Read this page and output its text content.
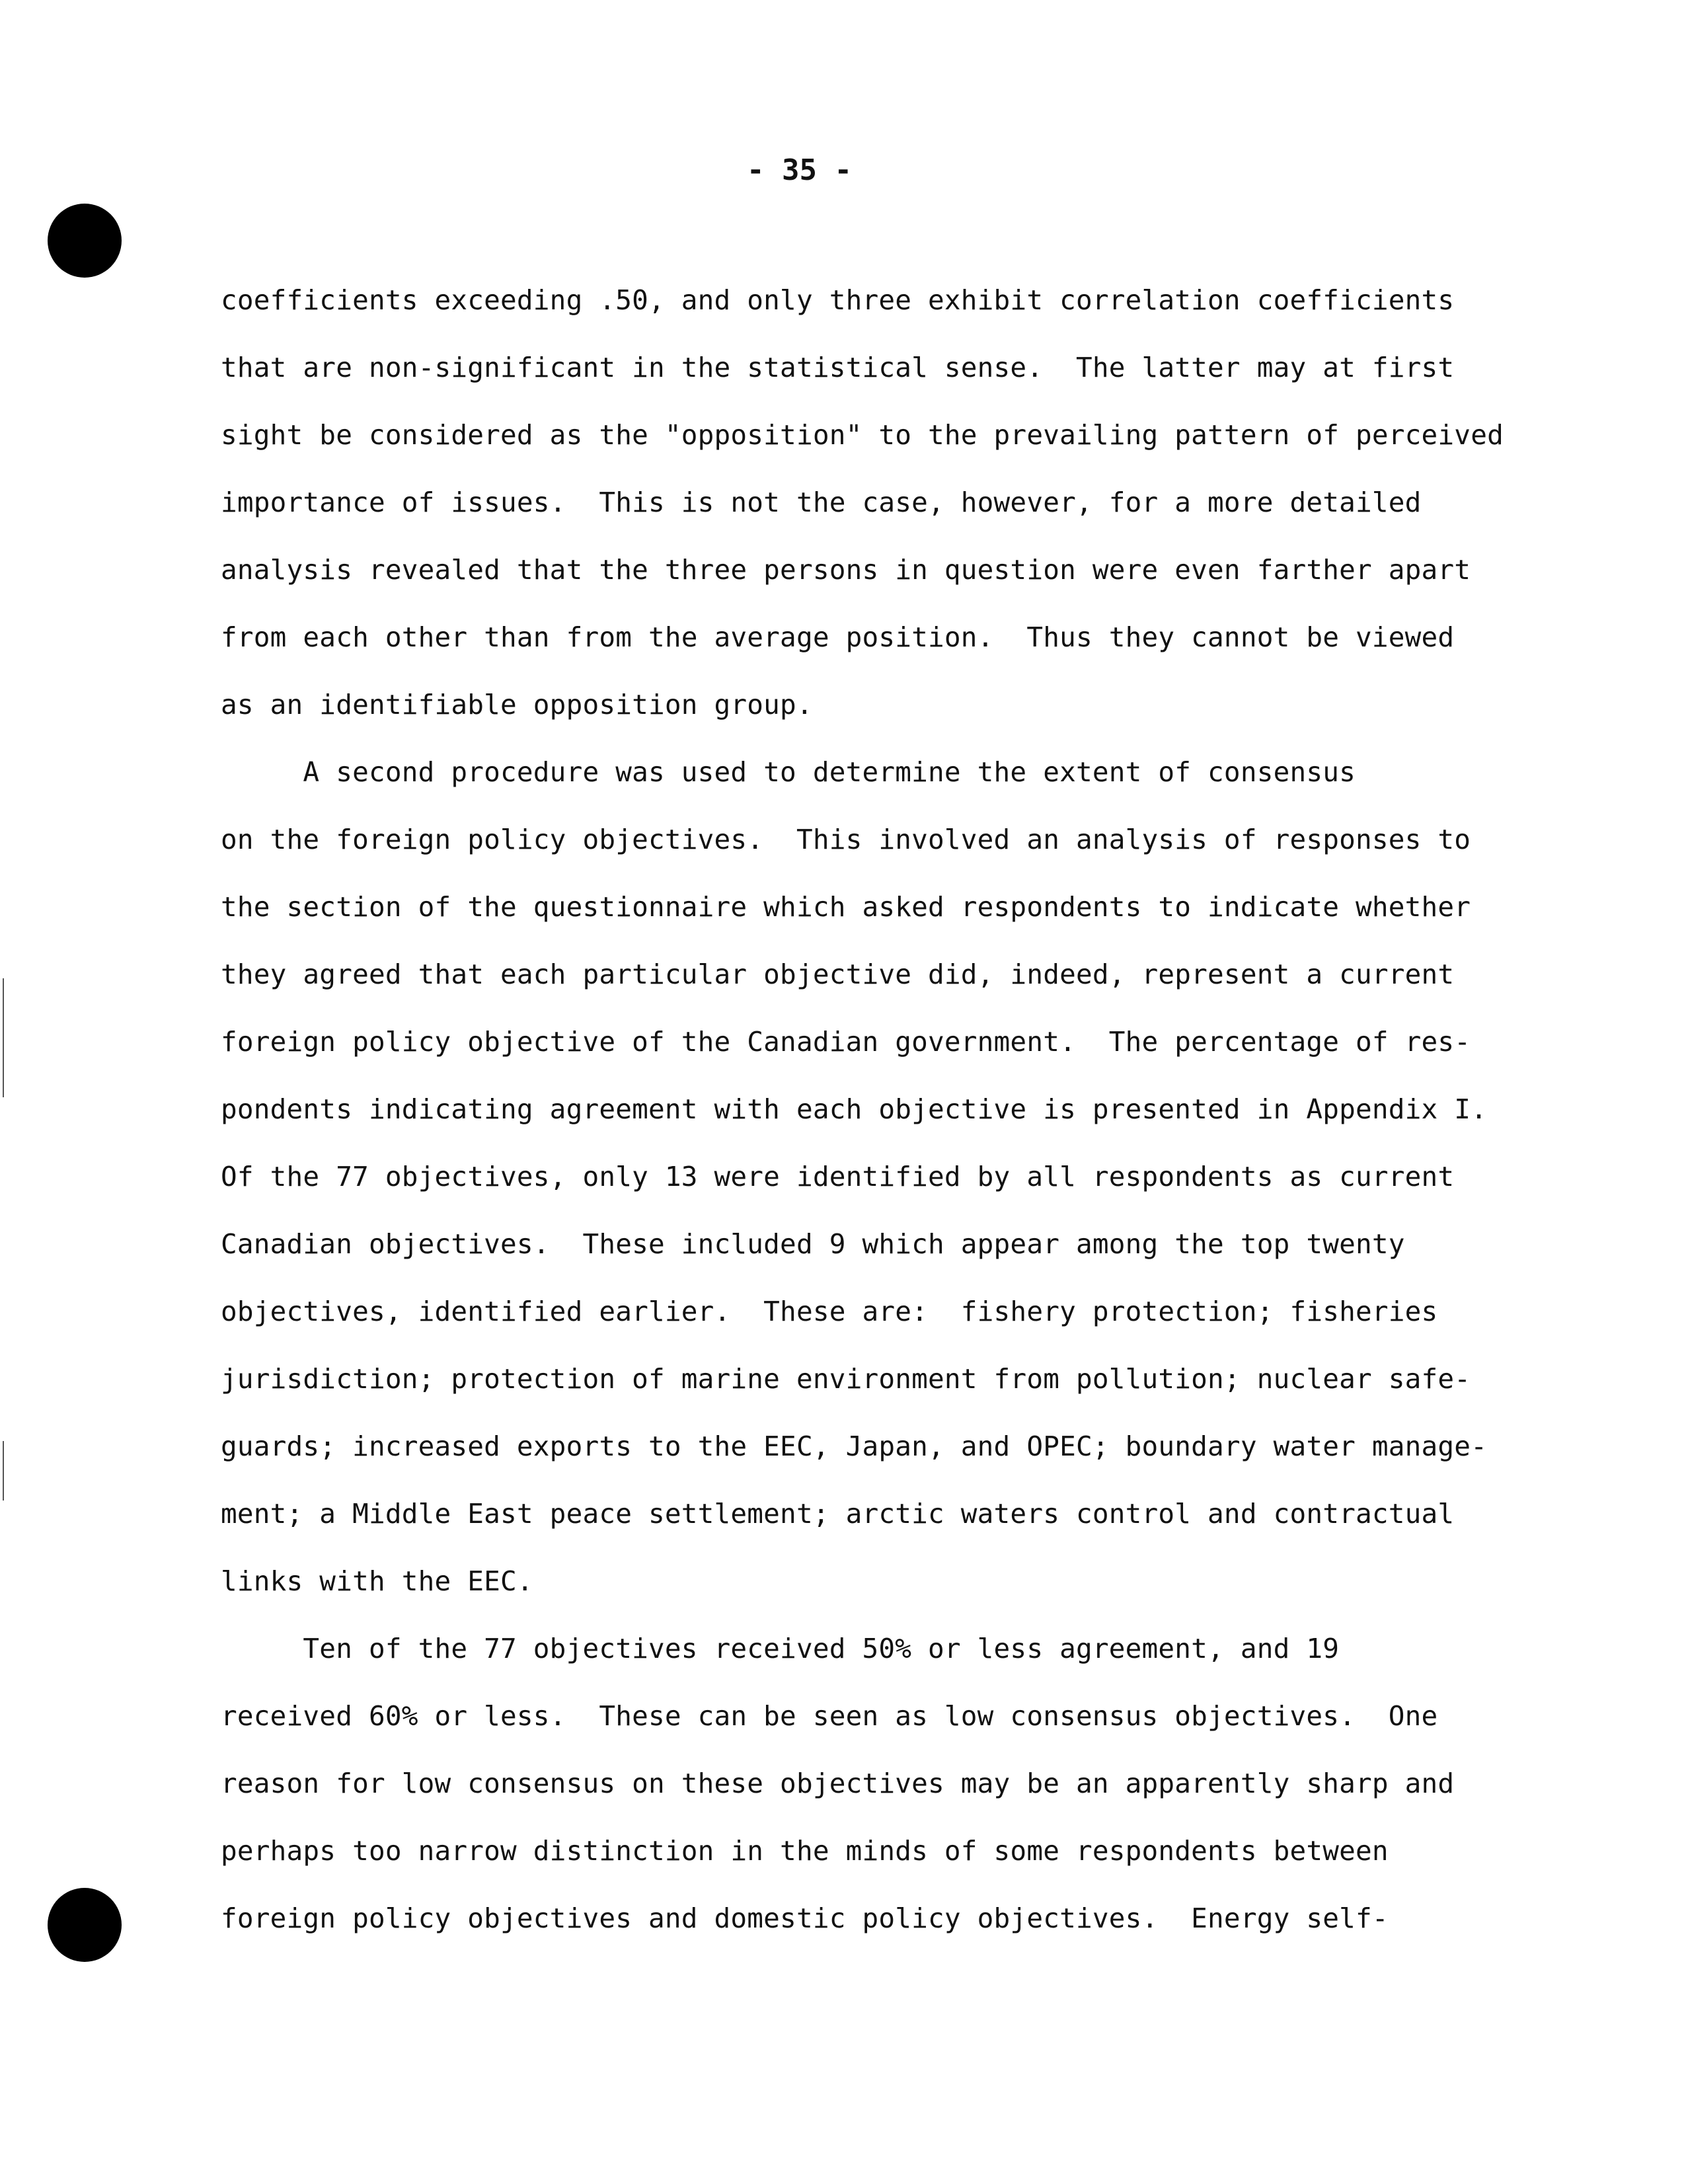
- 35 -
coefficients exceeding .50, and only three exhibit correlation coefficients
that are non-significant in the statistical sense.  The latter may at first
sight be considered as the "opposition" to the prevailing pattern of perceived
importance of issues.  This is not the case, however, for a more detailed
analysis revealed that the three persons in question were even farther apart
from each other than from the average position.  Thus they cannot be viewed
as an identifiable opposition group.
A second procedure was used to determine the extent of consensus
on the foreign policy objectives.  This involved an analysis of responses to
the section of the questionnaire which asked respondents to indicate whether
they agreed that each particular objective did, indeed, represent a current
foreign policy objective of the Canadian government.  The percentage of res-
pondents indicating agreement with each objective is presented in Appendix I.
Of the 77 objectives, only 13 were identified by all respondents as current
Canadian objectives.  These included 9 which appear among the top twenty
objectives, identified earlier.  These are:  fishery protection; fisheries
jurisdiction; protection of marine environment from pollution; nuclear safe-
guards; increased exports to the EEC, Japan, and OPEC; boundary water manage-
ment; a Middle East peace settlement; arctic waters control and contractual
links with the EEC.
Ten of the 77 objectives received 50% or less agreement, and 19
received 60% or less.  These can be seen as low consensus objectives.  One
reason for low consensus on these objectives may be an apparently sharp and
perhaps too narrow distinction in the minds of some respondents between
foreign policy objectives and domestic policy objectives.  Energy self-
